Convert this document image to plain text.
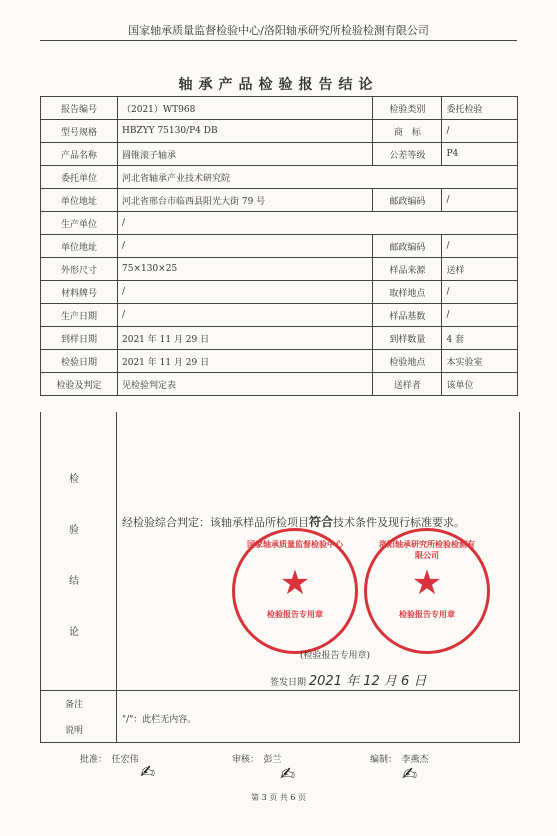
国家轴承质量监督检验中心/洛阳轴承研究所检验检测有限公司
轴承产品检验报告结论
报告编号	（2021）WT968	检验类别	委托检验
型号规格	HBZYY 75130/P4 DB	商　标	/
产品名称	圆锥滚子轴承	公差等级	P4
委托单位	河北省轴承产业技术研究院		
单位地址	河北省邢台市临西县阳光大街 79 号	邮政编码	/
生产单位	/		
单位地址	/	邮政编码	/
外形尺寸	75×130×25	样品来源	送样
材料牌号	/	取样地点	/
生产日期	/	样品基数	/
到样日期	2021 年 11 月 29 日	到样数量	4 套
检验日期	2021 年 11 月 29 日	检验地点	本实验室
检验及判定	见检验判定表	送样者	该单位
检
验
结
论
经检验综合判定：该轴承样品所检项目符合技术条件及现行标准要求。
国家轴承质量监督检验中心
★
检验报告专用章
洛阳轴承研究所检验检测有限公司
★
检验报告专用章
(检验报告专用章)
签发日期 2021 年 12 月 6 日
备注
说明
"/"：此栏无内容。
批准：　任宏伟	审核：　彭兰	编制：　李燕杰
✍	✍	✍
第 3 页 共 6 页
